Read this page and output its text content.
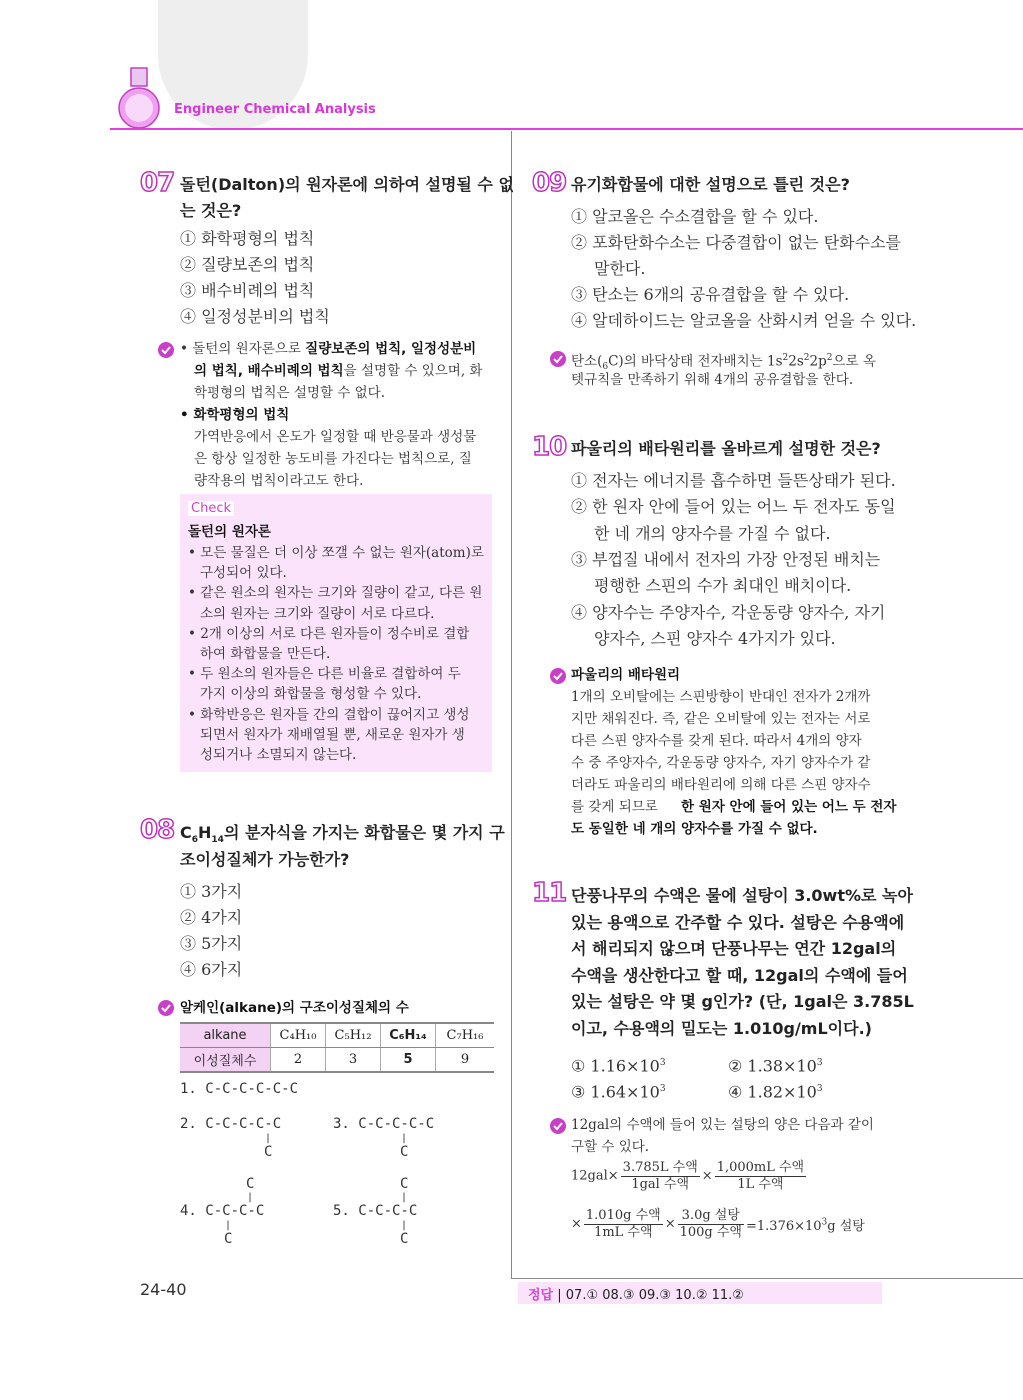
Engineer Chemical Analysis
07 돌턴(Dalton)의 원자론에 의하여 설명될 수 없
는 것은?
① 화학평형의 법칙
② 질량보존의 법칙
③ 배수비례의 법칙
④ 일정성분비의 법칙
• 돌턴의 원자론으로 질량보존의 법칙, 일정성분비
의 법칙, 배수비례의 법칙을 설명할 수 있으며, 화
학평형의 법칙은 설명할 수 없다.
• 화학평형의 법칙
가역반응에서 온도가 일정할 때 반응물과 생성물
은 항상 일정한 농도비를 가진다는 법칙으로, 질
량작용의 법칙이라고도 한다.
Check
돌턴의 원자론
• 모든 물질은 더 이상 쪼갤 수 없는 원자(atom)로
구성되어 있다.
• 같은 원소의 원자는 크기와 질량이 같고, 다른 원
소의 원자는 크기와 질량이 서로 다르다.
• 2개 이상의 서로 다른 원자들이 정수비로 결합
하여 화합물을 만든다.
• 두 원소의 원자들은 다른 비율로 결합하여 두
가지 이상의 화합물을 형성할 수 있다.
• 화학반응은 원자들 간의 결합이 끊어지고 생성
되면서 원자가 재배열될 뿐, 새로운 원자가 생
성되거나 소멸되지 않는다.
08 $C_6H_{14}$의 분자식을 가지는 화합물은 몇 가지 구
조이성질체가 가능한가?
① 3가지
② 4가지
③ 5가지
④ 6가지
알케인(alkane)의 구조이성질체의 수
alkane	C₄H₁₀	C₅H₁₂	C₆H₁₄	C₇H₁₆
이성질체수	2	3	5	9
1. C-C-C-C-C-C
2. C-C-C-C-C
|
C
3. C-C-C-C-C
|
C
C
|
4. C-C-C-C
|
C
C
|
5. C-C-C-C
|
C
24-40
09 유기화합물에 대한 설명으로 틀린 것은?
① 알코올은 수소결합을 할 수 있다.
② 포화탄화수소는 다중결합이 없는 탄화수소를
말한다.
③ 탄소는 6개의 공유결합을 할 수 있다.
④ 알데하이드는 알코올을 산화시켜 얻을 수 있다.
탄소$(_6C)$의 바닥상태 전자배치는 $1s^22s^22p^2$으로 옥
텟규칙을 만족하기 위해 4개의 공유결합을 한다.
10 파울리의 배타원리를 올바르게 설명한 것은?
① 전자는 에너지를 흡수하면 들뜬상태가 된다.
② 한 원자 안에 들어 있는 어느 두 전자도 동일
한 네 개의 양자수를 가질 수 없다.
③ 부껍질 내에서 전자의 가장 안정된 배치는
평행한 스핀의 수가 최대인 배치이다.
④ 양자수는 주양자수, 각운동량 양자수, 자기
양자수, 스핀 양자수 4가지가 있다.
파울리의 배타원리
1개의 오비탈에는 스핀방향이 반대인 전자가 2개까
지만 채워진다. 즉, 같은 오비탈에 있는 전자는 서로
다른 스핀 양자수를 갖게 된다. 따라서 4개의 양자
수 중 주양자수, 각운동량 양자수, 자기 양자수가 같
더라도 파울리의 배타원리에 의해 다른 스핀 양자수
를 갖게 되므로 한 원자 안에 들어 있는 어느 두 전자
도 동일한 네 개의 양자수를 가질 수 없다.
11 단풍나무의 수액은 물에 설탕이 3.0wt%로 녹아
있는 용액으로 간주할 수 있다. 설탕은 수용액에
서 해리되지 않으며 단풍나무는 연간 12gal의
수액을 생산한다고 할 때, 12gal의 수액에 들어
있는 설탕은 약 몇 g인가? (단, 1gal은 3.785L
이고, 수용액의 밀도는 1.010g/mL이다.)
① $1.16\times 10^3$	② $1.38\times 10^3$
③ $1.64\times 10^3$	④ $1.82\times 10^3$
12gal의 수액에 들어 있는 설탕의 양은 다음과 같이
구할 수 있다.
$12gal\times \frac{\text{3.785L 수액}}{\text{1gal 수액}} \times \frac{\text{1,000mL 수액}}{\text{1L 수액}}$
× $\frac{\text{1.010g 수액}}{\text{1mL 수액}} \times \frac{\text{3.0g 설탕}}{\text{100g 수액}} =1.376\times 10^3g$ 설탕
정답 | 07.① 08.③ 09.③ 10.② 11.②
